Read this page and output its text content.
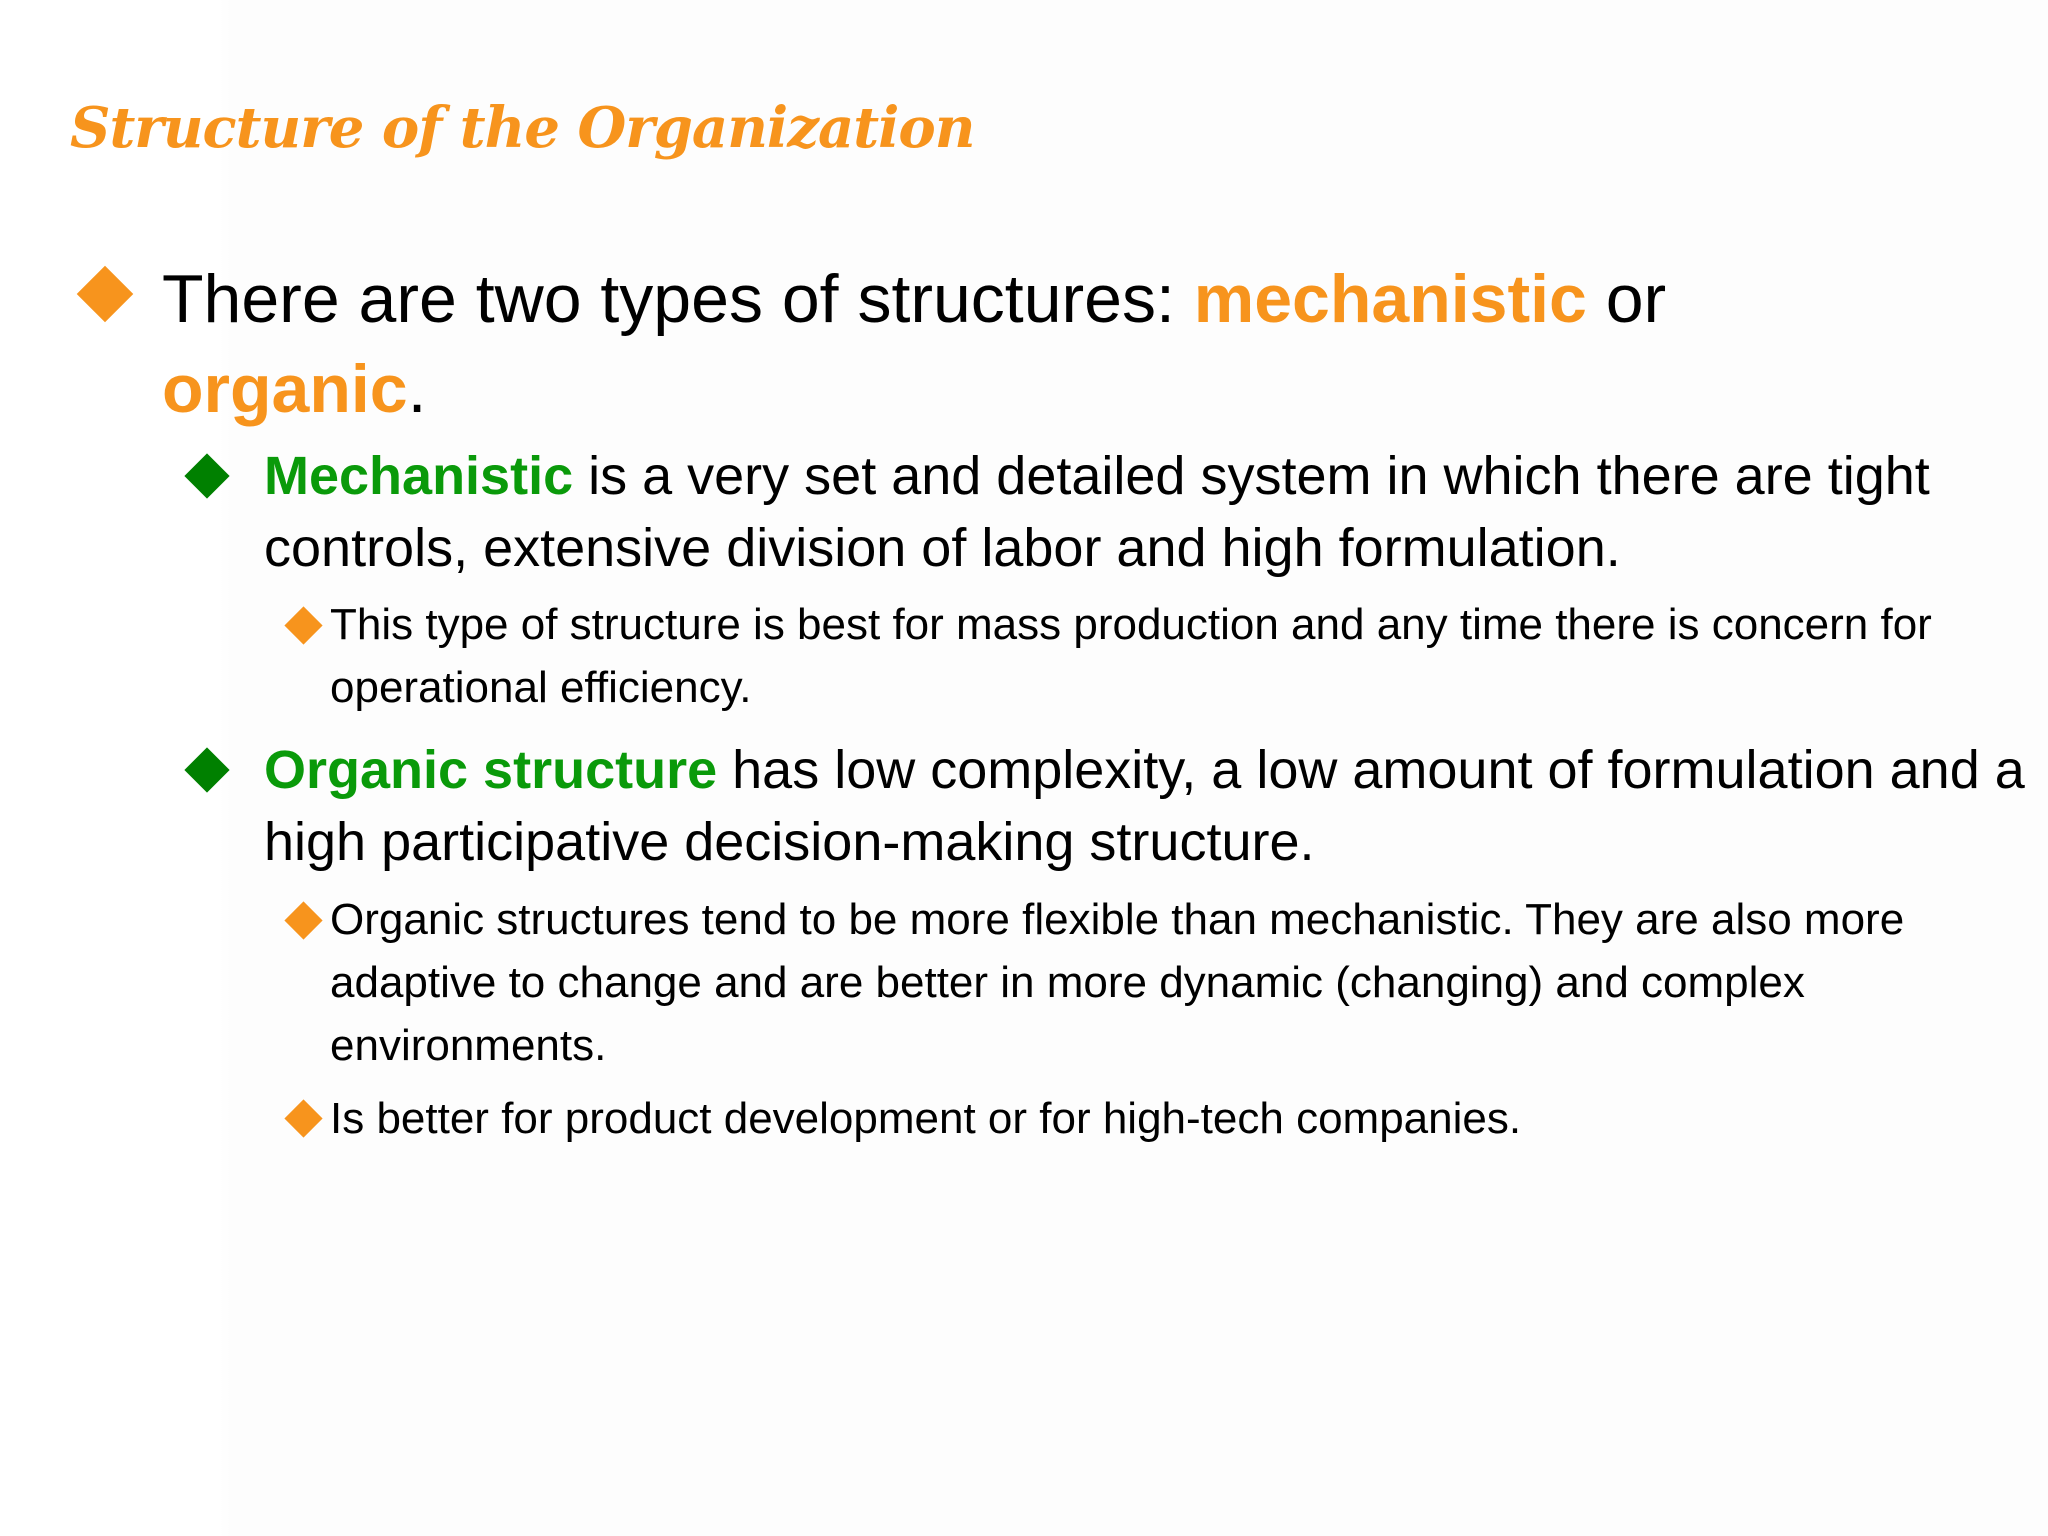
Structure of the Organization

There are two types of structures: mechanistic or organic.

Mechanistic is a very set and detailed system in which there are tight controls, extensive division of labor and high formulation.

This type of structure is best for mass production and any time there is concern for operational efficiency.

Organic structure has low complexity, a low amount of formulation and a high participative decision-making structure.

Organic structures tend to be more flexible than mechanistic. They are also more adaptive to change and are better in more dynamic (changing) and complex environments.

Is better for product development or for high-tech companies.
